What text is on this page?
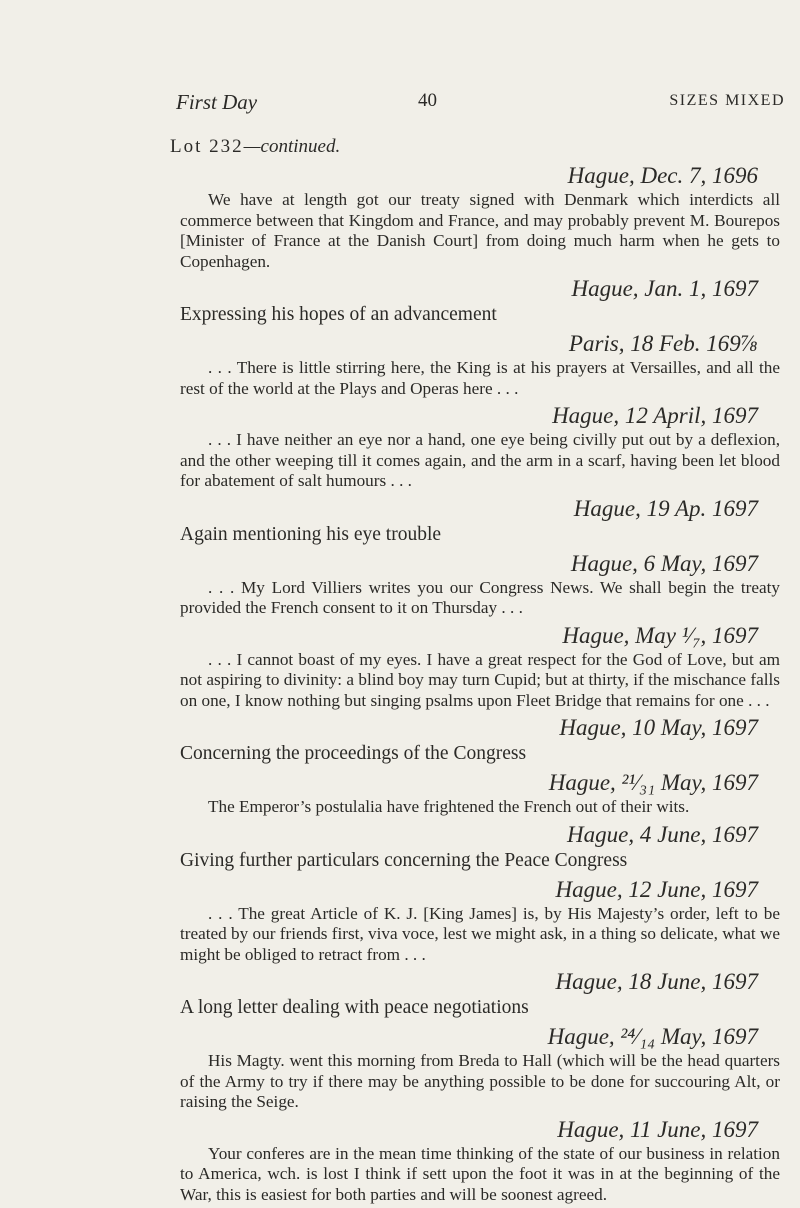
First Day	40	SIZES MIXED
Lot 232—continued.
Hague, Dec. 7, 1696

We have at length got our treaty signed with Denmark which interdicts all commerce between that Kingdom and France, and may probably prevent M. Bourepos [Minister of France at the Danish Court] from doing much harm when he gets to Copenhagen.

Hague, Jan. 1, 1697

Expressing his hopes of an advancement

Paris, 18 Feb. 169⅞

. . . There is little stirring here, the King is at his prayers at Versailles, and all the rest of the world at the Plays and Operas here . . .

Hague, 12 April, 1697

. . . I have neither an eye nor a hand, one eye being civilly put out by a deflexion, and the other weeping till it comes again, and the arm in a scarf, having been let blood for abatement of salt humours . . .

Hague, 19 Ap. 1697

Again mentioning his eye trouble

Hague, 6 May, 1697

. . . My Lord Villiers writes you our Congress News. We shall begin the treaty provided the French consent to it on Thursday . . .

Hague, May ¹⁄₇, 1697

. . . I cannot boast of my eyes. I have a great respect for the God of Love, but am not aspiring to divinity: a blind boy may turn Cupid; but at thirty, if the mischance falls on one, I know nothing but singing psalms upon Fleet Bridge that remains for one . . .

Hague, 10 May, 1697

Concerning the proceedings of the Congress

Hague, ²¹⁄₃₁ May, 1697

The Emperor’s postulalia have frightened the French out of their wits.

Hague, 4 June, 1697

Giving further particulars concerning the Peace Congress

Hague, 12 June, 1697

. . . The great Article of K. J. [King James] is, by His Majesty’s order, left to be treated by our friends first, viva voce, lest we might ask, in a thing so delicate, what we might be obliged to retract from . . .

Hague, 18 June, 1697

A long letter dealing with peace negotiations

Hague, ²⁴⁄₁₄ May, 1697

His Magty. went this morning from Breda to Hall (which will be the head quarters of the Army to try if there may be anything possible to be done for succouring Alt, or raising the Seige.

Hague, 11 June, 1697

Your conferes are in the mean time thinking of the state of our business in relation to America, wch. is lost I think if sett upon the foot it was in at the beginning of the War, this is easiest for both parties and will be soonest agreed.
